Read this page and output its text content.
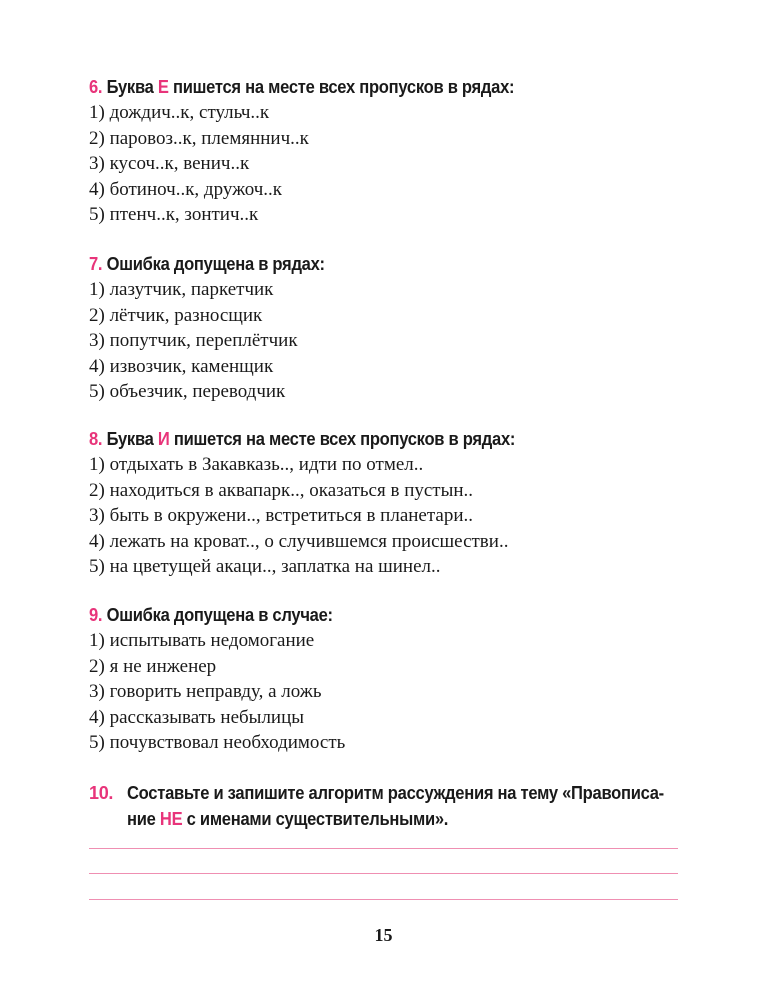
6. Буква Е пишется на месте всех пропусков в рядах:
1) дождич..к, стульч..к
2) паровоз..к, племяннич..к
3) кусоч..к, венич..к
4) ботиноч..к, дружоч..к
5) птенч..к, зонтич..к
7. Ошибка допущена в рядах:
1) лазутчик, паркетчик
2) лётчик, разносщик
3) попутчик, переплётчик
4) извозчик, каменщик
5) объезчик, переводчик
8. Буква И пишется на месте всех пропусков в рядах:
1) отдыхать в Закавказь.., идти по отмел..
2) находиться в аквапарк.., оказаться в пустын..
3) быть в окружени.., встретиться в планетари..
4) лежать на кроват.., о случившемся происшестви..
5) на цветущей акаци.., заплатка на шинел..
9. Ошибка допущена в случае:
1) испытывать недомогание
2) я не инженер
3) говорить неправду, а ложь
4) рассказывать небылицы
5) почувствовал необходимость
10. Составьте и запишите алгоритм рассуждения на тему «Правописа-
ние НЕ с именами существительными».
15
